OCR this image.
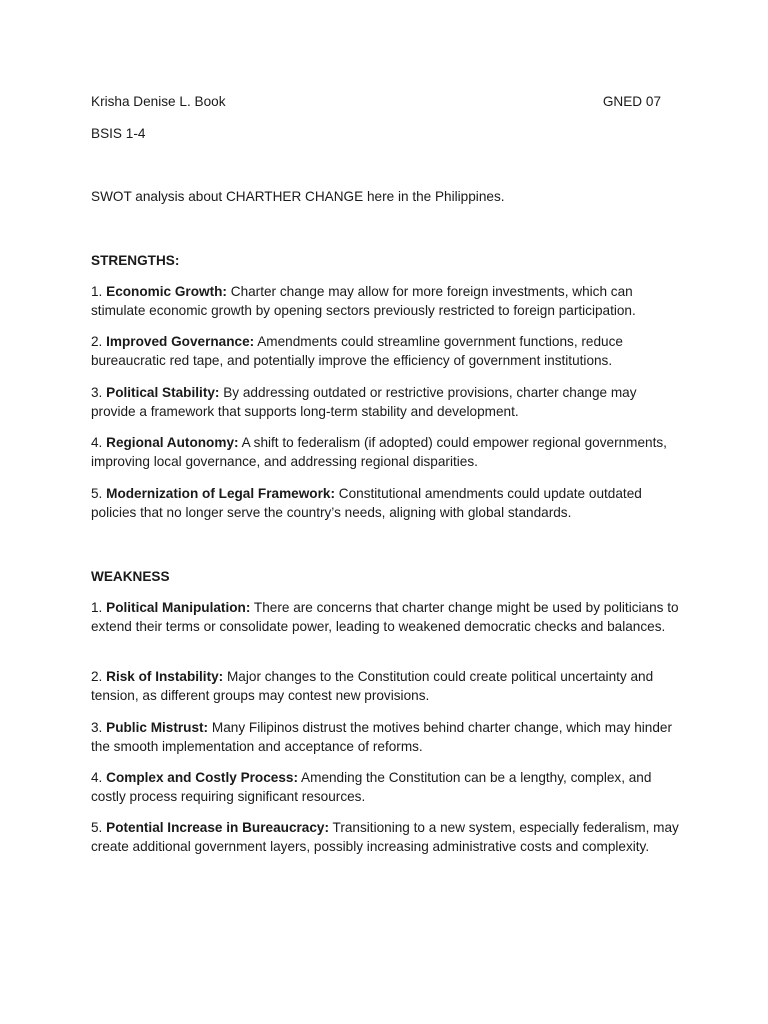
Krisha Denise L. Book	GNED 07
BSIS 1-4
SWOT analysis about CHARTHER CHANGE here in the Philippines.
STRENGTHS:

1. Economic Growth: Charter change may allow for more foreign investments, which can stimulate economic growth by opening sectors previously restricted to foreign participation.

2. Improved Governance: Amendments could streamline government functions, reduce bureaucratic red tape, and potentially improve the efficiency of government institutions.

3. Political Stability: By addressing outdated or restrictive provisions, charter change may provide a framework that supports long-term stability and development.

4. Regional Autonomy: A shift to federalism (if adopted) could empower regional governments, improving local governance, and addressing regional disparities.

5. Modernization of Legal Framework: Constitutional amendments could update outdated policies that no longer serve the country’s needs, aligning with global standards.

WEAKNESS

1. Political Manipulation: There are concerns that charter change might be used by politicians to extend their terms or consolidate power, leading to weakened democratic checks and balances.

2. Risk of Instability: Major changes to the Constitution could create political uncertainty and tension, as different groups may contest new provisions.

3. Public Mistrust: Many Filipinos distrust the motives behind charter change, which may hinder the smooth implementation and acceptance of reforms.

4. Complex and Costly Process: Amending the Constitution can be a lengthy, complex, and costly process requiring significant resources.

5. Potential Increase in Bureaucracy: Transitioning to a new system, especially federalism, may create additional government layers, possibly increasing administrative costs and complexity.
